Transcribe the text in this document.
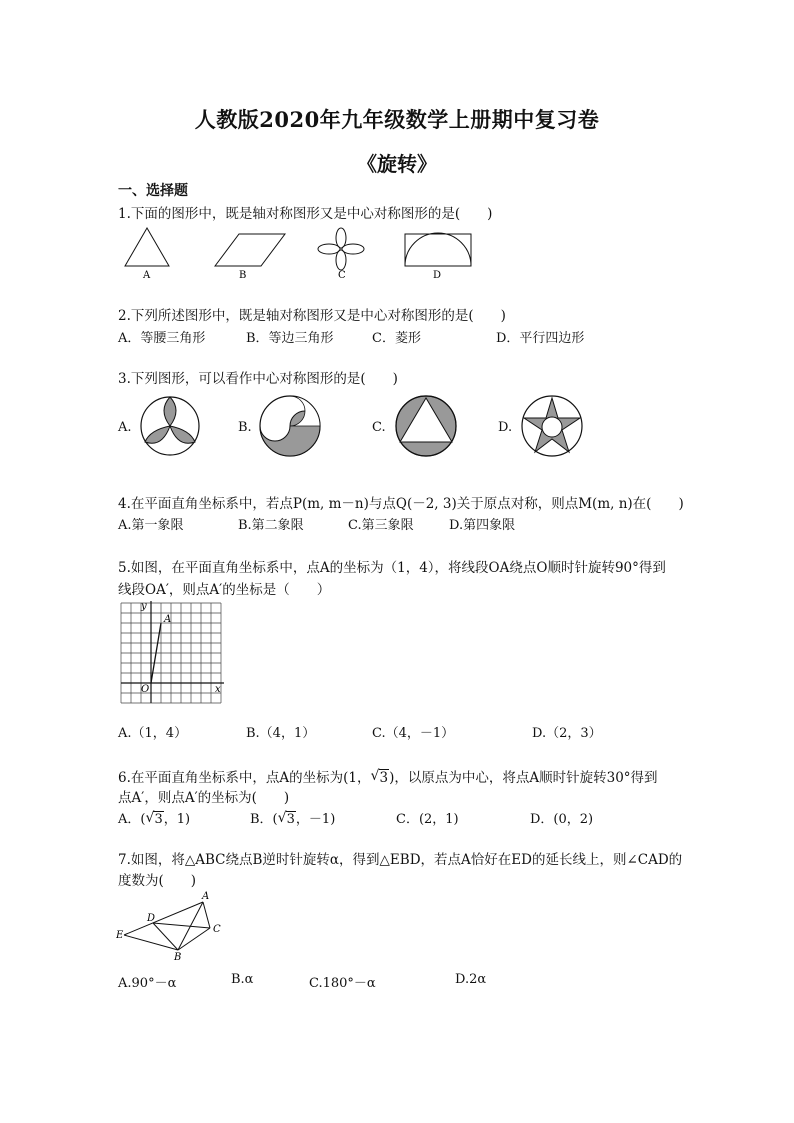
人教版2020年九年级数学上册期中复习卷
《旋转》
一、选择题
1.下面的图形中，既是轴对称图形又是中心对称图形的是(　　)
A	B	C	D
2.下列所述图形中，既是轴对称图形又是中心对称图形的是(　　)
A．等腰三角形	B．等边三角形	C．菱形	D．平行四边形
3.下列图形，可以看作中心对称图形的是(　　)
A.	B.	C.	D.
4.在平面直角坐标系中，若点P(m, m－n)与点Q(－2, 3)关于原点对称，则点M(m, n)在(　　)
A.第一象限	B.第二象限	C.第三象限	D.第四象限
5.如图，在平面直角坐标系中，点A的坐标为（1，4），将线段OA绕点O顺时针旋转90°得到
线段OA′，则点A′的坐标是（　　）
y
x
O
A
A.（1，4）	B.（4，1）	C.（4，－1）	D.（2，3）
6.在平面直角坐标系中，点A的坐标为(1， √ 3)，以原点为中心，将点A顺时针旋转30°得到
点A′，则点A′的坐标为(　　)
A．( √ 3，1)	B．( √ 3，－1)	C．(2，1)	D．(0，2)
7.如图，将△ABC绕点B逆时针旋转α，得到△EBD，若点A恰好在ED的延长线上，则∠CAD的
度数为(　　)
A
C
D
E
B
A.90°－α	B.α	C.180°－α	D.2α
